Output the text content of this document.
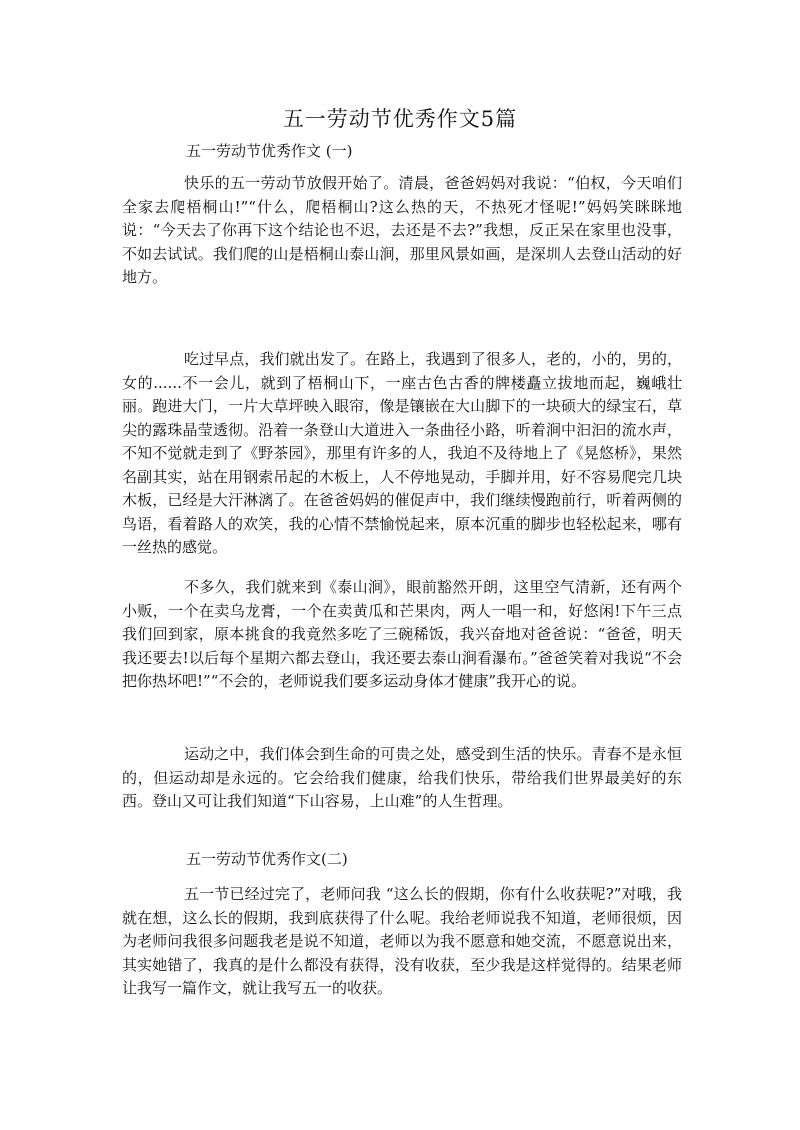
五一劳动节优秀作文5篇
五一劳动节优秀作文 (一)

快乐的五一劳动节放假开始了。清晨，爸爸妈妈对我说：“伯权，今天咱们全家去爬梧桐山!”“什么，爬梧桐山?这么热的天，不热死才怪呢!”妈妈笑眯眯地说：“今天去了你再下这个结论也不迟，去还是不去?”我想，反正呆在家里也没事，不如去试试。我们爬的山是梧桐山泰山涧，那里风景如画，是深圳人去登山活动的好地方。

吃过早点，我们就出发了。在路上，我遇到了很多人，老的，小的，男的，女的......不一会儿，就到了梧桐山下，一座古色古香的牌楼矗立拔地而起，巍峨壮丽。跑进大门，一片大草坪映入眼帘，像是镶嵌在大山脚下的一块硕大的绿宝石，草尖的露珠晶莹透彻。沿着一条登山大道进入一条曲径小路，听着涧中汩汩的流水声，不知不觉就走到了《野茶园》，那里有许多的人，我迫不及待地上了《晃悠桥》，果然名副其实，站在用钢索吊起的木板上，人不停地晃动，手脚并用，好不容易爬完几块木板，已经是大汗淋漓了。在爸爸妈妈的催促声中，我们继续慢跑前行，听着两侧的鸟语，看着路人的欢笑，我的心情不禁愉悦起来，原本沉重的脚步也轻松起来，哪有一丝热的感觉。

不多久，我们就来到《泰山涧》，眼前豁然开朗，这里空气清新，还有两个小贩，一个在卖乌龙膏，一个在卖黄瓜和芒果肉，两人一唱一和，好悠闲!下午三点我们回到家，原本挑食的我竟然多吃了三碗稀饭，我兴奋地对爸爸说：“爸爸，明天我还要去!以后每个星期六都去登山，我还要去泰山涧看瀑布。”爸爸笑着对我说“不会把你热坏吧!”“不会的，老师说我们要多运动身体才健康”我开心的说。

运动之中，我们体会到生命的可贵之处，感受到生活的快乐。青春不是永恒的，但运动却是永远的。它会给我们健康，给我们快乐，带给我们世界最美好的东西。登山又可让我们知道“下山容易，上山难”的人生哲理。

五一劳动节优秀作文(二)

五一节已经过完了，老师问我 “这么长的假期，你有什么收获呢?”对哦，我就在想，这么长的假期，我到底获得了什么呢。我给老师说我不知道，老师很烦，因为老师问我很多问题我老是说不知道，老师以为我不愿意和她交流，不愿意说出来，其实她错了，我真的是什么都没有获得，没有收获，至少我是这样觉得的。结果老师让我写一篇作文，就让我写五一的收获。
